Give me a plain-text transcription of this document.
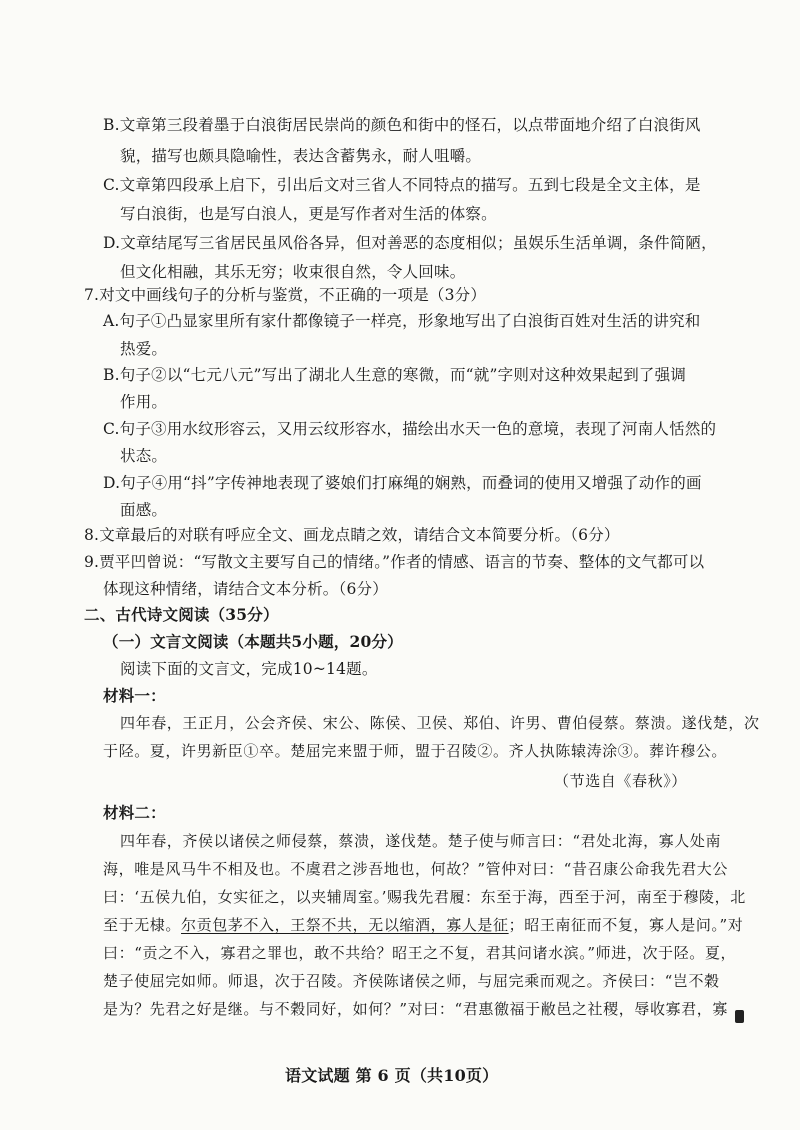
B.文章第三段着墨于白浪街居民崇尚的颜色和街中的怪石，以点带面地介绍了白浪街风
貌，描写也颇具隐喻性，表达含蓄隽永，耐人咀嚼。
C.文章第四段承上启下，引出后文对三省人不同特点的描写。五到七段是全文主体，是
写白浪街，也是写白浪人，更是写作者对生活的体察。
D.文章结尾写三省居民虽风俗各异，但对善恶的态度相似；虽娱乐生活单调，条件简陋，
但文化相融，其乐无穷；收束很自然，令人回味。
7.对文中画线句子的分析与鉴赏，不正确的一项是（3分）
A.句子①凸显家里所有家什都像镜子一样亮，形象地写出了白浪街百姓对生活的讲究和
热爱。
B.句子②以“七元八元”写出了湖北人生意的寒微，而“就”字则对这种效果起到了强调
作用。
C.句子③用水纹形容云，又用云纹形容水，描绘出水天一色的意境，表现了河南人恬然的
状态。
D.句子④用“抖”字传神地表现了婆娘们打麻绳的娴熟，而叠词的使用又增强了动作的画
面感。
8.文章最后的对联有呼应全文、画龙点睛之效，请结合文本简要分析。（6分）
9.贾平凹曾说：“写散文主要写自己的情绪。”作者的情感、语言的节奏、整体的文气都可以
体现这种情绪，请结合文本分析。（6分）
二、古代诗文阅读（35分）
（一）文言文阅读（本题共5小题，20分）
阅读下面的文言文，完成10~14题。
材料一：
四年春，王正月，公会齐侯、宋公、陈侯、卫侯、郑伯、许男、曹伯侵蔡。蔡溃。遂伐楚，次
于陉。夏，许男新臣①卒。楚屈完来盟于师，盟于召陵②。齐人执陈辕涛涂③。葬许穆公。
（节选自《春秋》）
材料二：
四年春，齐侯以诸侯之师侵蔡，蔡溃，遂伐楚。楚子使与师言曰：“君处北海，寡人处南
海，唯是风马牛不相及也。不虞君之涉吾地也，何故？”管仲对曰：“昔召康公命我先君大公
曰：‘五侯九伯，女实征之，以夹辅周室。’赐我先君履：东至于海，西至于河，南至于穆陵，北
至于无棣。尔贡包茅不入，王祭不共，无以缩酒，寡人是征；昭王南征而不复，寡人是问。”对
曰：“贡之不入，寡君之罪也，敢不共给？昭王之不复，君其问诸水滨。”师进，次于陉。夏，
楚子使屈完如师。师退，次于召陵。齐侯陈诸侯之师，与屈完乘而观之。齐侯曰：“岂不穀
是为？先君之好是继。与不穀同好，如何？”对曰：“君惠徼福于敝邑之社稷，辱收寡君，寡
语文试题 第 6 页（共10页）
